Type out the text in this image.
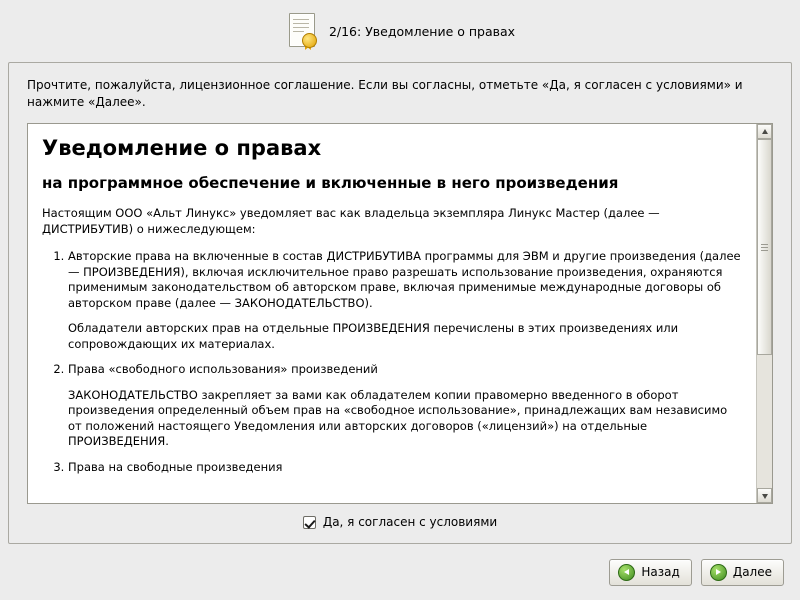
2/16: Уведомление о правах
Прочтите, пожалуйста, лицензионное соглашение. Если вы согласны, отметьте «Да, я согласен с условиями» и нажмите «Далее».
Уведомление о правах
на программное обеспечение и включенные в него произведения

Настоящим ООО «Альт Линукс» уведомляет вас как владельца экземпляра Линукс Мастер (далее — ДИСТРИБУТИВ) о нижеследующем:

1. Авторские права на включенные в состав ДИСТРИБУТИВА программы для ЭВМ и другие произведения (далее — ПРОИЗВЕДЕНИЯ), включая исключительное право разрешать использование произведения, охраняются применимым законодательством об авторском праве, включая применимые международные договоры об авторском праве (далее — ЗАКОНОДАТЕЛЬСТВО).

Обладатели авторских прав на отдельные ПРОИЗВЕДЕНИЯ перечислены в этих произведениях или сопровождающих их материалах.

2. Права «свободного использования» произведений

ЗАКОНОДАТЕЛЬСТВО закрепляет за вами как обладателем копии правомерно введенного в оборот произведения определенный объем прав на «свободное использование», принадлежащих вам независимо от положений настоящего Уведомления или авторских договоров («лицензий») на отдельные ПРОИЗВЕДЕНИЯ.

3. Права на свободные произведения
Да, я согласен с условиями
Назад	Далее
